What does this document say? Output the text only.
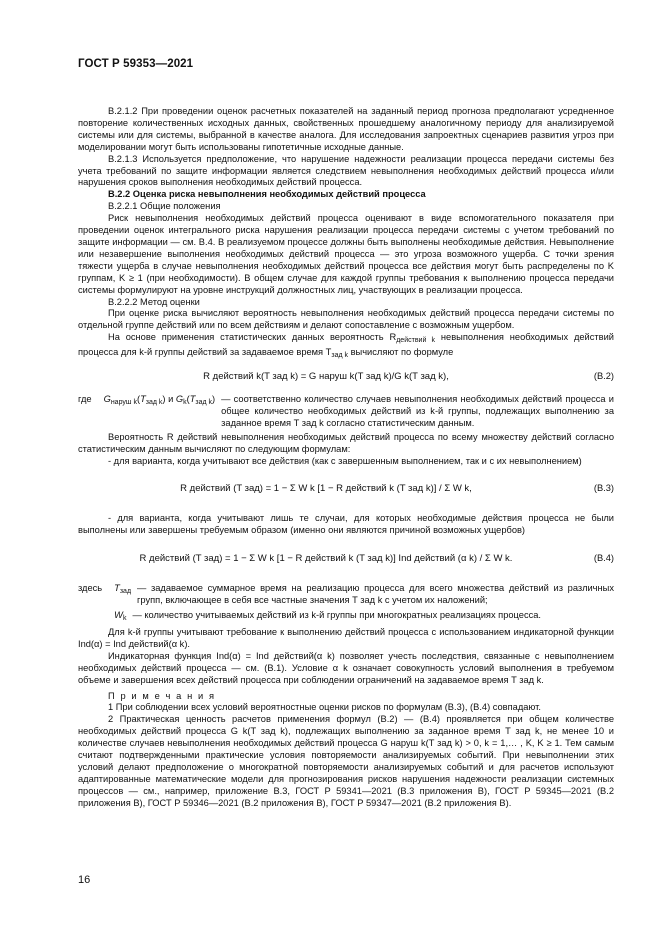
ГОСТ Р 59353—2021

В.2.1.2 При проведении оценок расчетных показателей на заданный период прогноза предполагают усредненное повторение количественных исходных данных, свойственных прошедшему аналогичному периоду для анализируемой системы или для системы, выбранной в качестве аналога. Для исследования запроектных сценариев развития угроз при моделировании могут быть использованы гипотетичные исходные данные.

В.2.1.3 Используется предположение, что нарушение надежности реализации процесса передачи системы без учета требований по защите информации является следствием невыполнения необходимых действий процесса и/или нарушения сроков выполнения необходимых действий процесса.

В.2.2 Оценка риска невыполнения необходимых действий процесса

В.2.2.1 Общие положения

Риск невыполнения необходимых действий процесса оценивают в виде вспомогательного показателя при проведении оценок интегрального риска нарушения реализации процесса передачи системы с учетом требований по защите информации — см. В.4. В реализуемом процессе должны быть выполнены необходимые действия. Невыполнение или незавершение выполнения необходимых действий процесса — это угроза возможного ущерба. С точки зрения тяжести ущерба в случае невыполнения необходимых действий процесса все действия могут быть распределены по K группам, K ≥ 1 (при необходимости). В общем случае для каждой группы требования к выполнению процесса передачи системы формулируют на уровне инструкций должностных лиц, участвующих в реализации процесса.

В.2.2.2 Метод оценки

При оценке риска вычисляют вероятность невыполнения необходимых действий процесса передачи системы по отдельной группе действий или по всем действиям и делают сопоставление с возможным ущербом.

На основе применения статистических данных вероятность $R_{действий k}$ невыполнения необходимых действий процесса для k-й группы действий за задаваемое время $T_{зад k}$ вычисляют по формуле

R действий k(T зад k) = G наруш k(T зад k)/G k(T зад k),	(В.2)
где	$G_{наруш k}(T_{зад k})$ и $G_k(T_{зад k})$ — соответственно количество случаев невыполнения необходимых действий процесса и общее количество необходимых действий из k-й группы, подлежащих выполнению за заданное время T зад k согласно статистическим данным.

Вероятность R действий невыполнения необходимых действий процесса по всему множеству действий согласно статистическим данным вычисляют по следующим формулам:

- для варианта, когда учитывают все действия (как с завершенным выполнением, так и с их невыполнением)

R действий (T зад) = 1 − Σ W k [1 − R действий k (T зад k)] / Σ W k,	(В.3)

- для варианта, когда учитывают лишь те случаи, для которых необходимые действия процесса не были выполнены или завершены требуемым образом (именно они являются причиной возможных ущербов)

R действий (T зад) = 1 − Σ W k [1 − R действий k (T зад k)] Ind действий (α k) / Σ W k.	(В.4)
здесь	$T_{зад}$ — задаваемое суммарное время на реализацию процесса для всего множества действий из различных групп, включающее в себя все частные значения T зад k с учетом их наложений;
$W_k$ — количество учитываемых действий из k-й группы при многократных реализациях процесса.

Для k-й группы учитывают требование к выполнению действий процесса с использованием индикаторной функции Ind(α) = Ind действий(α k).

Индикаторная функция Ind(α) = Ind действий(α k) позволяет учесть последствия, связанные с невыполнением необходимых действий процесса — см. (В.1). Условие α k означает совокупность условий выполнения в требуемом объеме и завершения всех действий процесса при соблюдении ограничений на задаваемое время T зад k.

П р и м е ч а н и я

1 При соблюдении всех условий вероятностные оценки рисков по формулам (В.3), (В.4) совпадают.

2 Практическая ценность расчетов применения формул (В.2) — (В.4) проявляется при общем количестве необходимых действий процесса G k(T зад k), подлежащих выполнению за заданное время T зад k, не менее 10 и количестве случаев невыполнения необходимых действий процесса G наруш k(T зад k) > 0, k = 1,… , K, K ≥ 1. Тем самым считают подтвержденными практические условия повторяемости анализируемых событий. При невыполнении этих условий делают предположение о многократной повторяемости анализируемых событий и для расчетов используют адаптированные математические модели для прогнозирования рисков нарушения надежности реализации системных процессов — см., например, приложение В.3, ГОСТ Р 59341—2021 (В.3 приложения В), ГОСТ Р 59345—2021 (В.2 приложения В), ГОСТ Р 59346—2021 (В.2 приложения В), ГОСТ Р 59347—2021 (В.2 приложения В).

16
